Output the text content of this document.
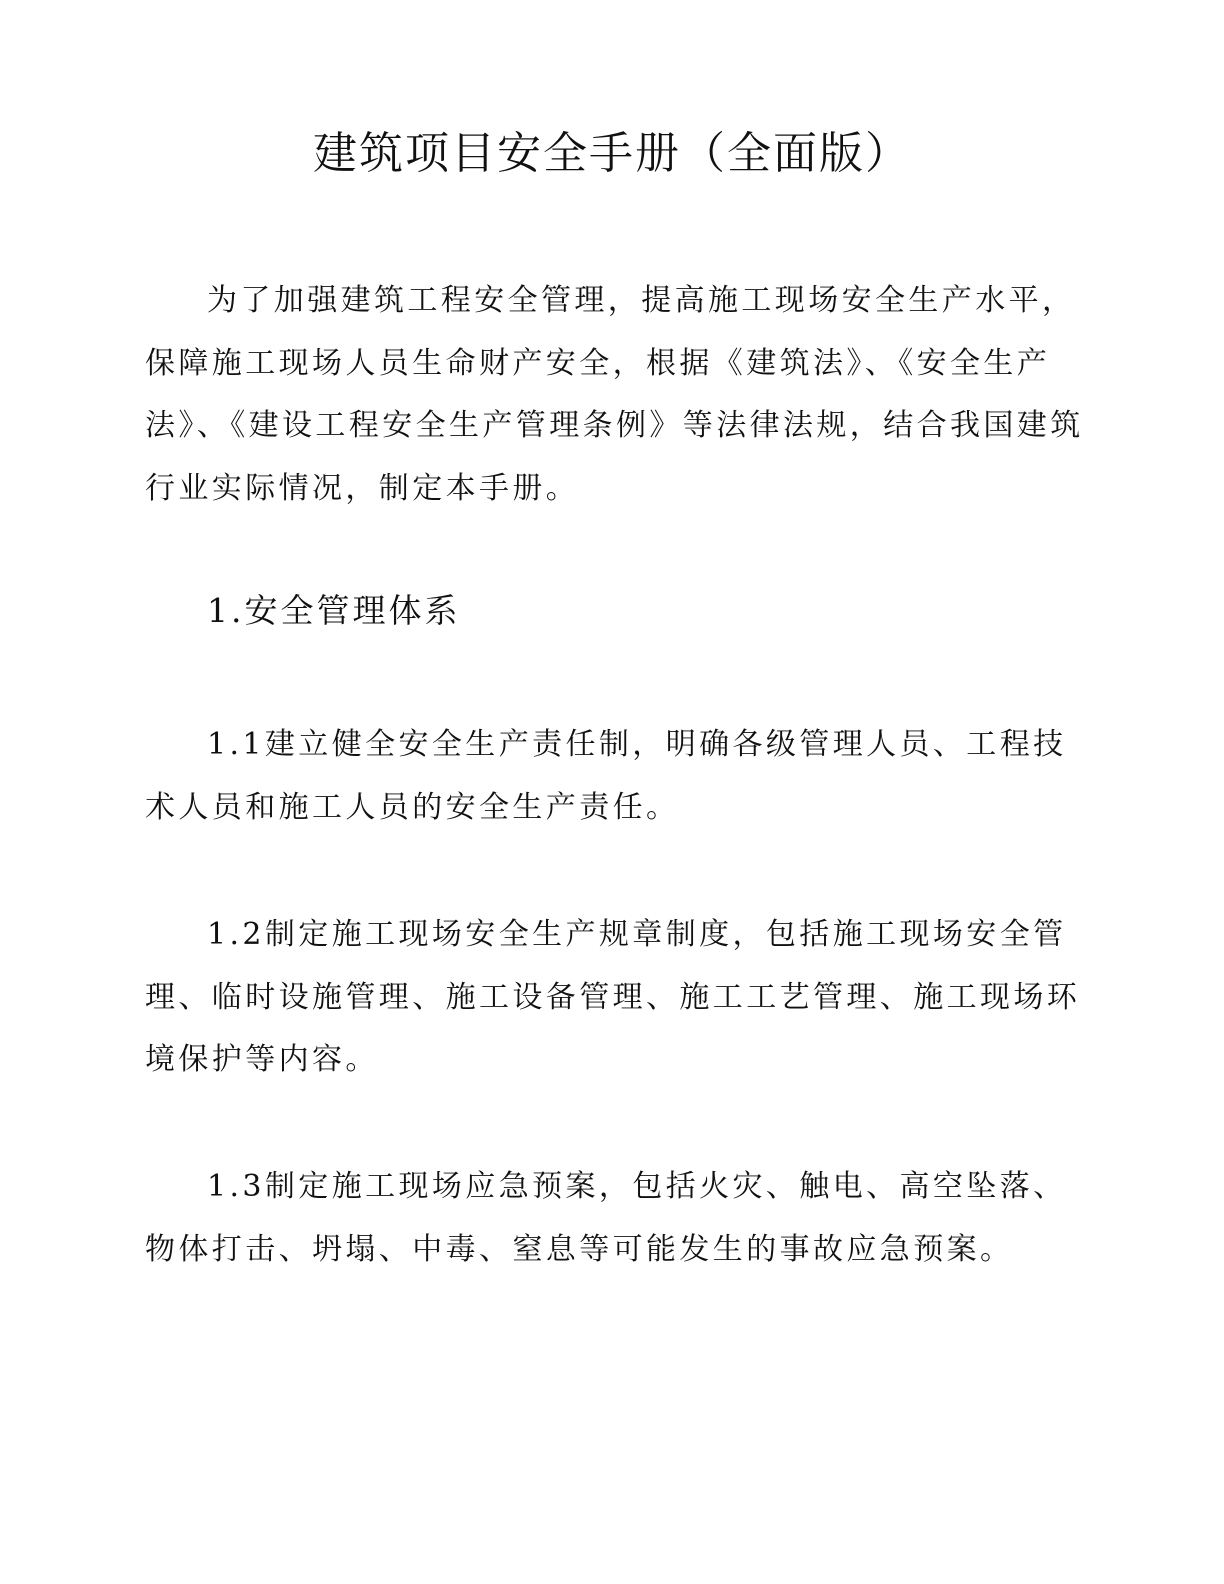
建筑项目安全手册（全面版）

为了加强建筑工程安全管理，提高施工现场安全生产水平，保障施工现场人员生命财产安全，根据《建筑法》、《安全生产法》、《建设工程安全生产管理条例》等法律法规，结合我国建筑行业实际情况，制定本手册。

1.安全管理体系

1.1建立健全安全生产责任制，明确各级管理人员、工程技术人员和施工人员的安全生产责任。

1.2制定施工现场安全生产规章制度，包括施工现场安全管理、临时设施管理、施工设备管理、施工工艺管理、施工现场环境保护等内容。

1.3制定施工现场应急预案，包括火灾、触电、高空坠落、物体打击、坍塌、中毒、窒息等可能发生的事故应急预案。
